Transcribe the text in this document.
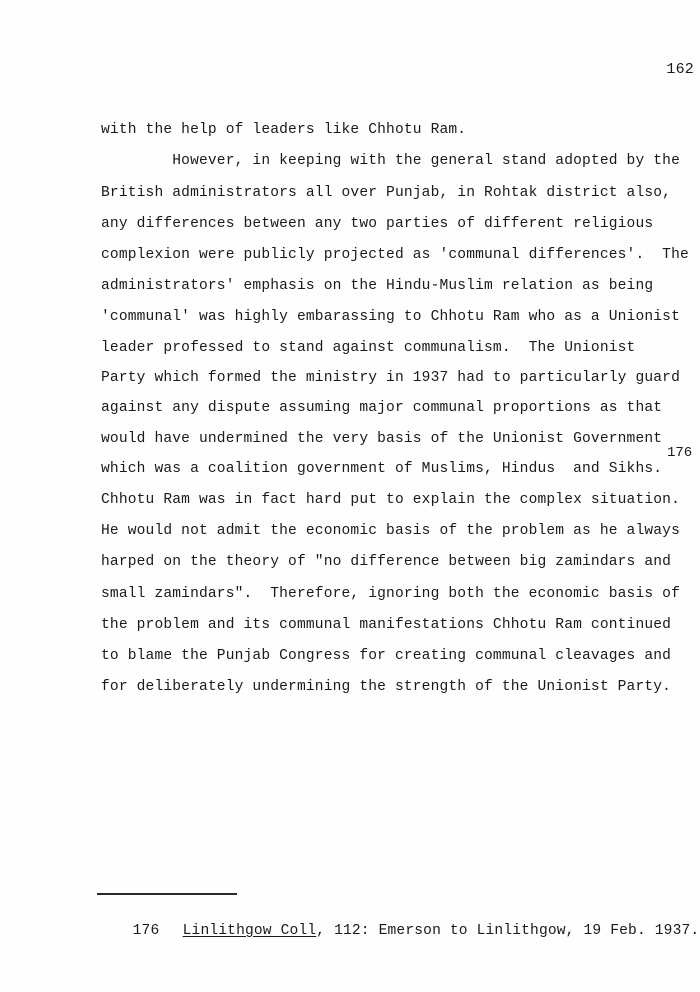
162
with the help of leaders like Chhotu Ram.
However, in keeping with the general stand adopted by the
British administrators all over Punjab, in Rohtak district also,
any differences between any two parties of different religious
complexion were publicly projected as 'communal differences'.  The
administrators' emphasis on the Hindu-Muslim relation as being
'communal' was highly embarassing to Chhotu Ram who as a Unionist
leader professed to stand against communalism.  The Unionist
Party which formed the ministry in 1937 had to particularly guard
against any dispute assuming major communal proportions as that
would have undermined the very basis of the Unionist Government
176
which was a coalition government of Muslims, Hindus  and Sikhs.
Chhotu Ram was in fact hard put to explain the complex situation.
He would not admit the economic basis of the problem as he always
harped on the theory of "no difference between big zamindars and
small zamindars".  Therefore, ignoring both the economic basis of
the problem and its communal manifestations Chhotu Ram continued
to blame the Punjab Congress for creating communal cleavages and
for deliberately undermining the strength of the Unionist Party.

176 Linlithgow Coll, 112: Emerson to Linlithgow, 19 Feb. 1937.
